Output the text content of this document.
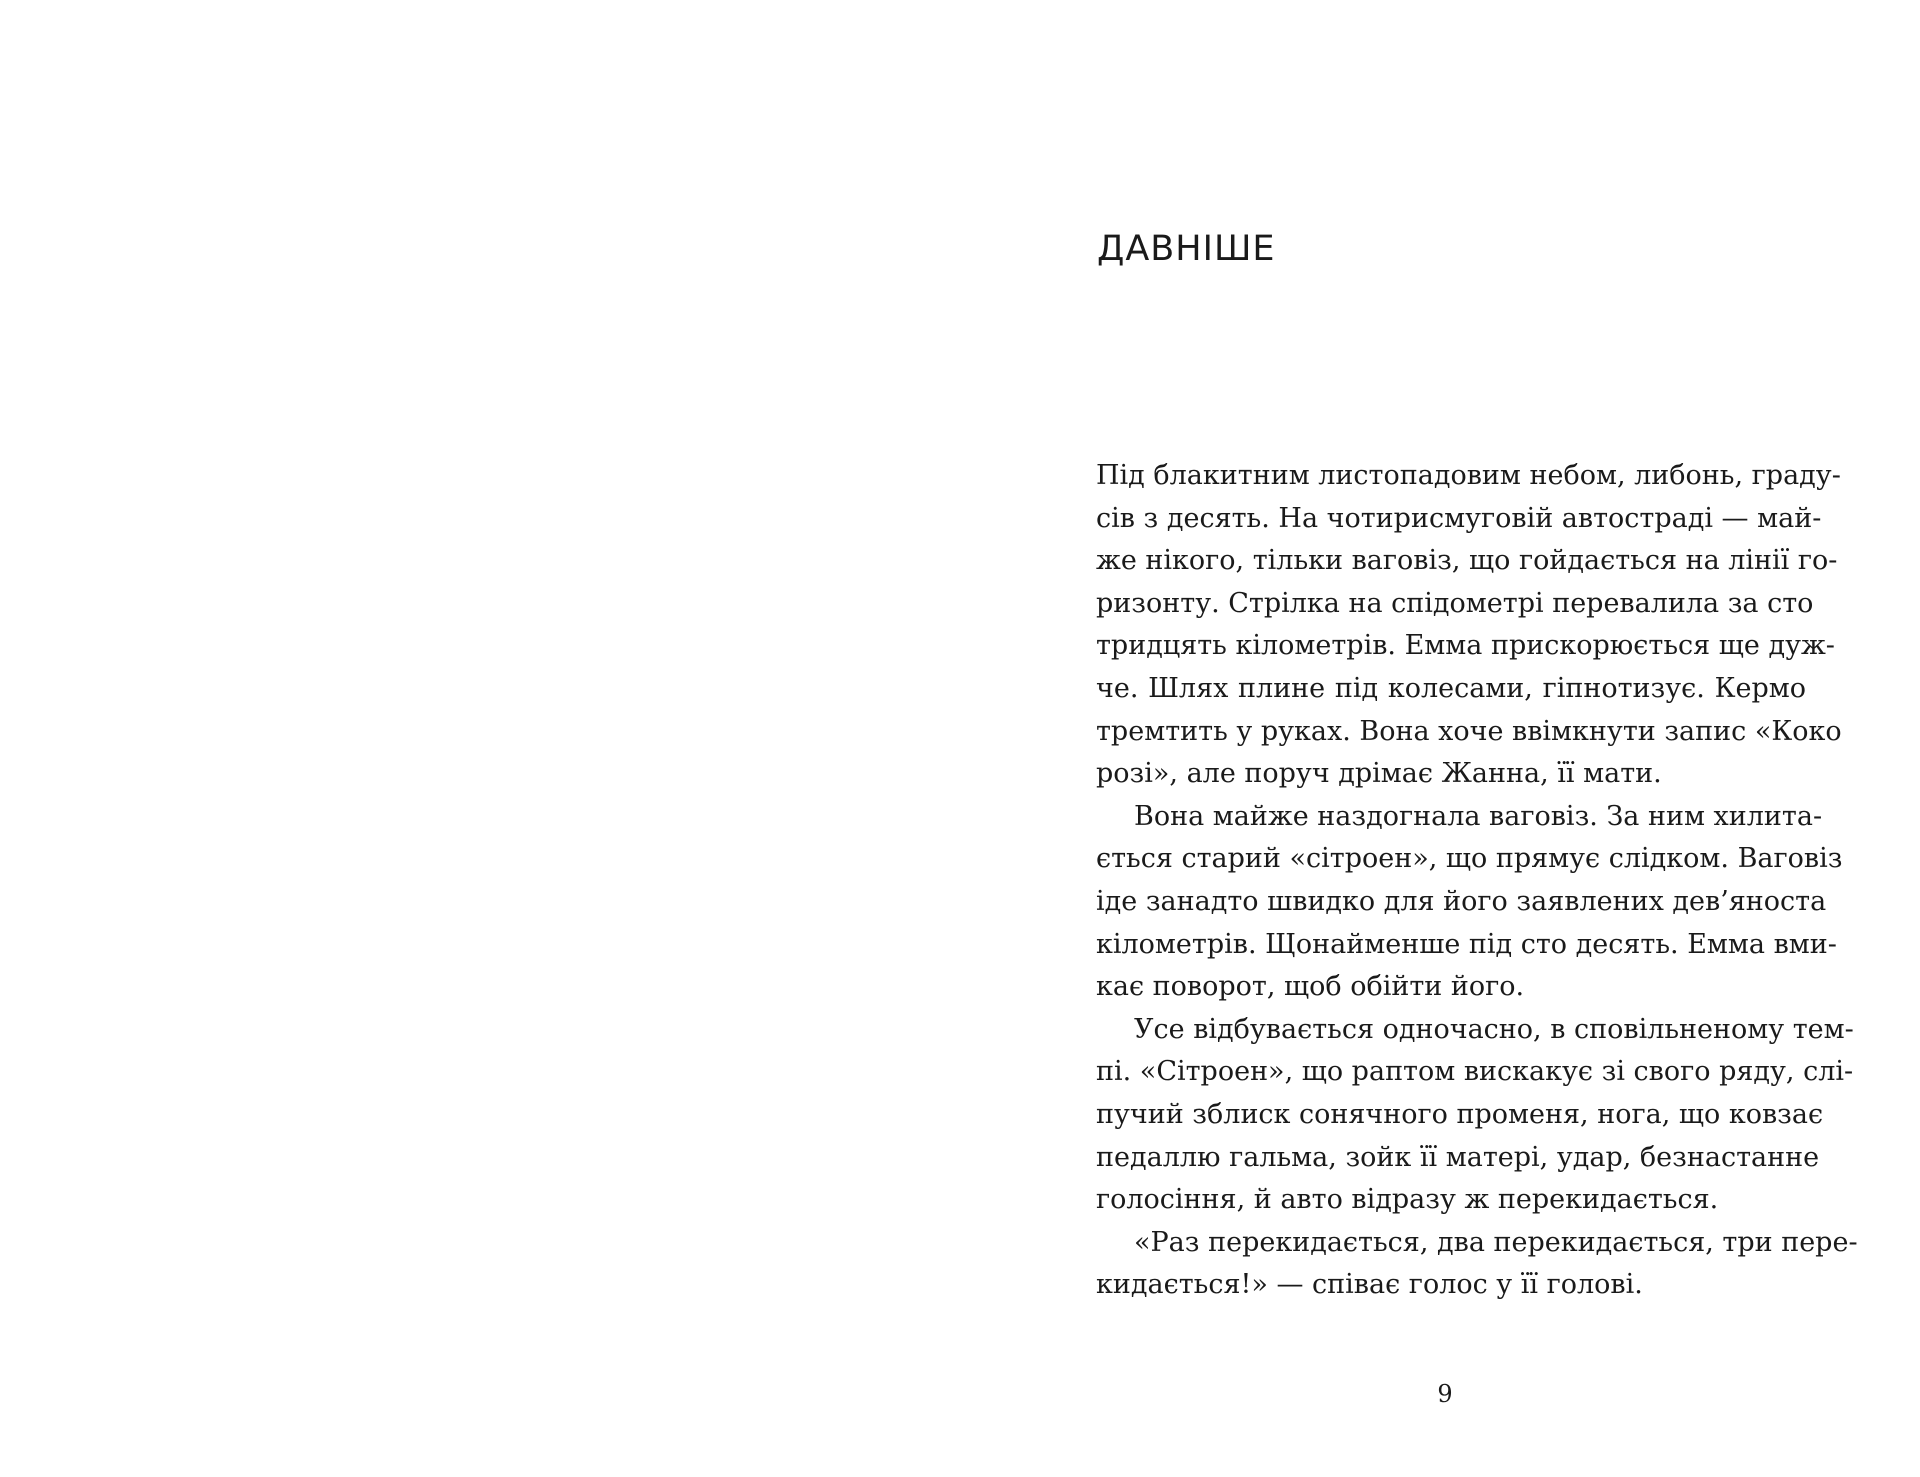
ДАВНІШЕ
Під блакитним листопадовим небом, либонь, граду-
сів з десять. На чотирисмуговій автостраді — май-
же нікого, тільки ваговіз, що гойдається на лінії го-
ризонту. Стрілка на спідометрі перевалила за сто
тридцять кілометрів. Емма прискорюється ще дуж-
че. Шлях плине під колесами, гіпнотизує. Кермо
тремтить у руках. Вона хоче ввімкнути запис «Коко
розі», але поруч дрімає Жанна, її мати.
Вона майже наздогнала ваговіз. За ним хилита-
ється старий «сітроен», що прямує слідком. Ваговіз
іде занадто швидко для його заявлених дев’яноста
кілометрів. Щонайменше під сто десять. Емма вми-
кає поворот, щоб обійти його.
Усе відбувається одночасно, в сповільненому тем-
пі. «Сітроен», що раптом вискакує зі свого ряду, слі-
пучий зблиск сонячного променя, нога, що ковзає
педаллю гальма, зойк її матері, удар, безнастанне
голосіння, й авто відразу ж перекидається.
«Раз перекидається, два перекидається, три пере-
кидається!» — співає голос у її голові.
9
